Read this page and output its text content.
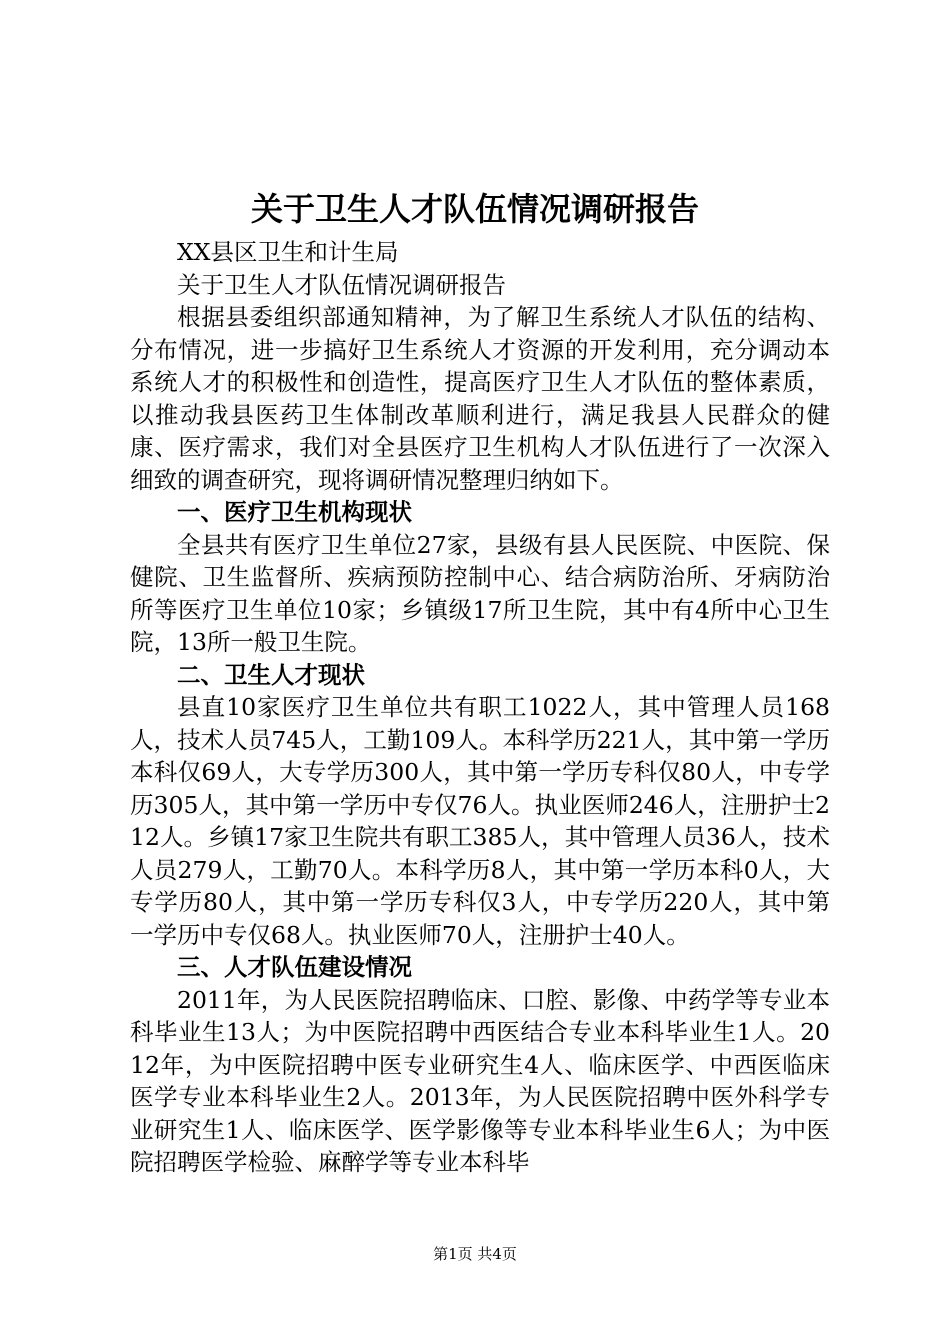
关于卫生人才队伍情况调研报告

XX县区卫生和计生局

关于卫生人才队伍情况调研报告

根据县委组织部通知精神，为了解卫生系统人才队伍的结构、分布情况，进一步搞好卫生系统人才资源的开发利用，充分调动本系统人才的积极性和创造性，提高医疗卫生人才队伍的整体素质，以推动我县医药卫生体制改革顺利进行，满足我县人民群众的健康、医疗需求，我们对全县医疗卫生机构人才队伍进行了一次深入细致的调查研究，现将调研情况整理归纳如下。

一、医疗卫生机构现状

全县共有医疗卫生单位27家，县级有县人民医院、中医院、保健院、卫生监督所、疾病预防控制中心、结合病防治所、牙病防治所等医疗卫生单位10家；乡镇级17所卫生院，其中有4所中心卫生院，13所一般卫生院。

二、卫生人才现状

县直10家医疗卫生单位共有职工1022人，其中管理人员168人，技术人员745人，工勤109人。本科学历221人，其中第一学历本科仅69人，大专学历300人，其中第一学历专科仅80人，中专学历305人，其中第一学历中专仅76人。执业医师246人，注册护士212人。乡镇17家卫生院共有职工385人，其中管理人员36人，技术人员279人，工勤70人。本科学历8人，其中第一学历本科0人，大专学历80人，其中第一学历专科仅3人，中专学历220人，其中第一学历中专仅68人。执业医师70人，注册护士40人。

三、人才队伍建设情况

2011年，为人民医院招聘临床、口腔、影像、中药学等专业本科毕业生13人；为中医院招聘中西医结合专业本科毕业生1人。2012年，为中医院招聘中医专业研究生4人、临床医学、中西医临床医学专业本科毕业生2人。2013年，为人民医院招聘中医外科学专业研究生1人、临床医学、医学影像等专业本科毕业生6人；为中医院招聘医学检验、麻醉学等专业本科毕

第1页 共4页
